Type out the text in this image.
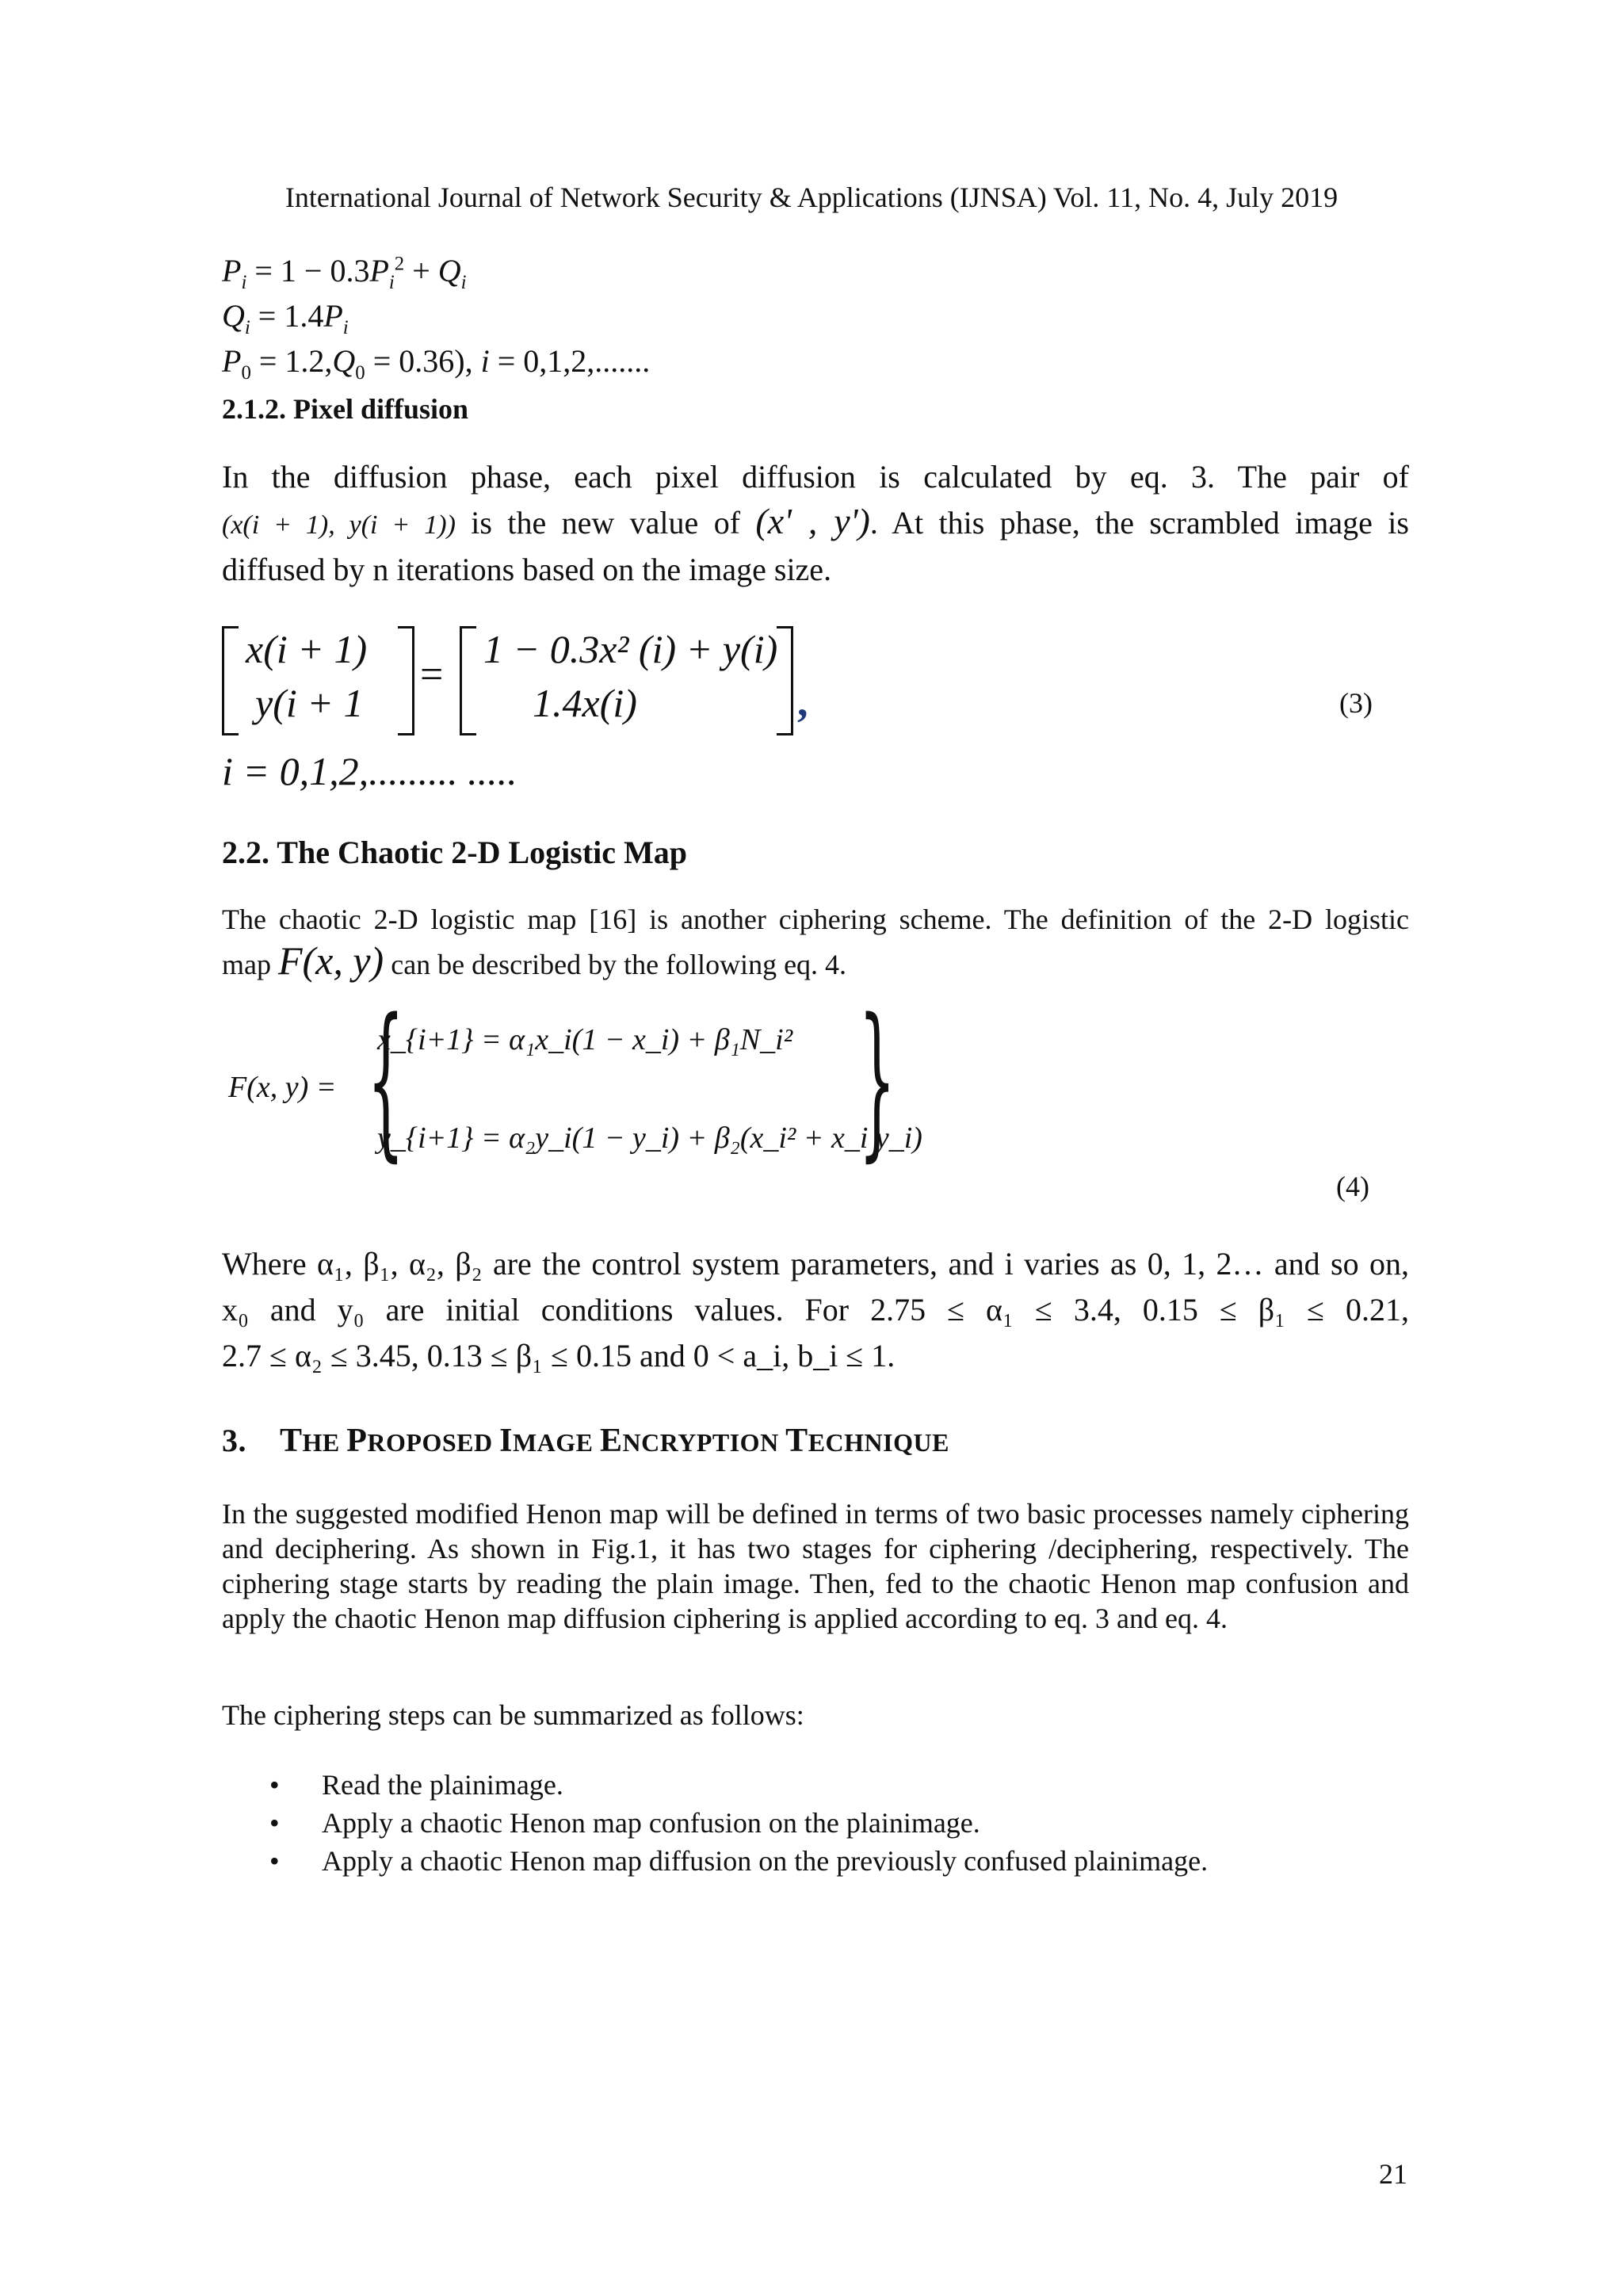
International Journal of Network Security & Applications (IJNSA) Vol. 11, No. 4, July 2019
$P_i = 1 - 0.3P_i^2 + Q_i$
$Q_i = 1.4P_i$
$P_0 = 1.2,Q_0 = 0.36$), i = 0,1,2,.......
2.1.2. Pixel diffusion
In the diffusion phase, each pixel diffusion is calculated by eq. 3. The pair of
(x(i + 1), y(i + 1)) is the new value of (x' , y'). At this phase, the scrambled image is
diffused by n iterations based on the image size.
x(i + 1)
y(i + 1
=
1 − 0.3x² (i) + y(i)
1.4x(i)	,	(3)
i = 0,1,2,......... .....
2.2. The Chaotic 2-D Logistic Map
The chaotic 2-D logistic map [16] is another ciphering scheme. The definition of the 2-D logistic
map F(x, y) can be described by the following eq. 4.
F(x, y) = {
x_{i+1} = α₁x_i(1 − x_i) + β₁N_i²
y_{i+1} = α₂y_i(1 − y_i) + β₂(x_i² + x_i y_i)
}
(4)
Where α₁, β₁, α₂, β₂ are the control system parameters, and i varies as 0, 1, 2… and so on,
x₀ and y₀ are initial conditions values. For 2.75 ≤ α₁ ≤ 3.4, 0.15 ≤ β₁ ≤ 0.21,
2.7 ≤ α₂ ≤ 3.45, 0.13 ≤ β₁ ≤ 0.15 and 0 < a_i, b_i ≤ 1.
3. THE PROPOSED IMAGE ENCRYPTION TECHNIQUE
In the suggested modified Henon map will be defined in terms of two basic processes namely ciphering and deciphering. As shown in Fig.1, it has two stages for ciphering /deciphering, respectively. The ciphering stage starts by reading the plain image. Then, fed to the chaotic Henon map confusion and apply the chaotic Henon map diffusion ciphering is applied according to eq. 3 and eq. 4.
The ciphering steps can be summarized as follows:
• Read the plainimage.
• Apply a chaotic Henon map confusion on the plainimage.
• Apply a chaotic Henon map diffusion on the previously confused plainimage.
21
